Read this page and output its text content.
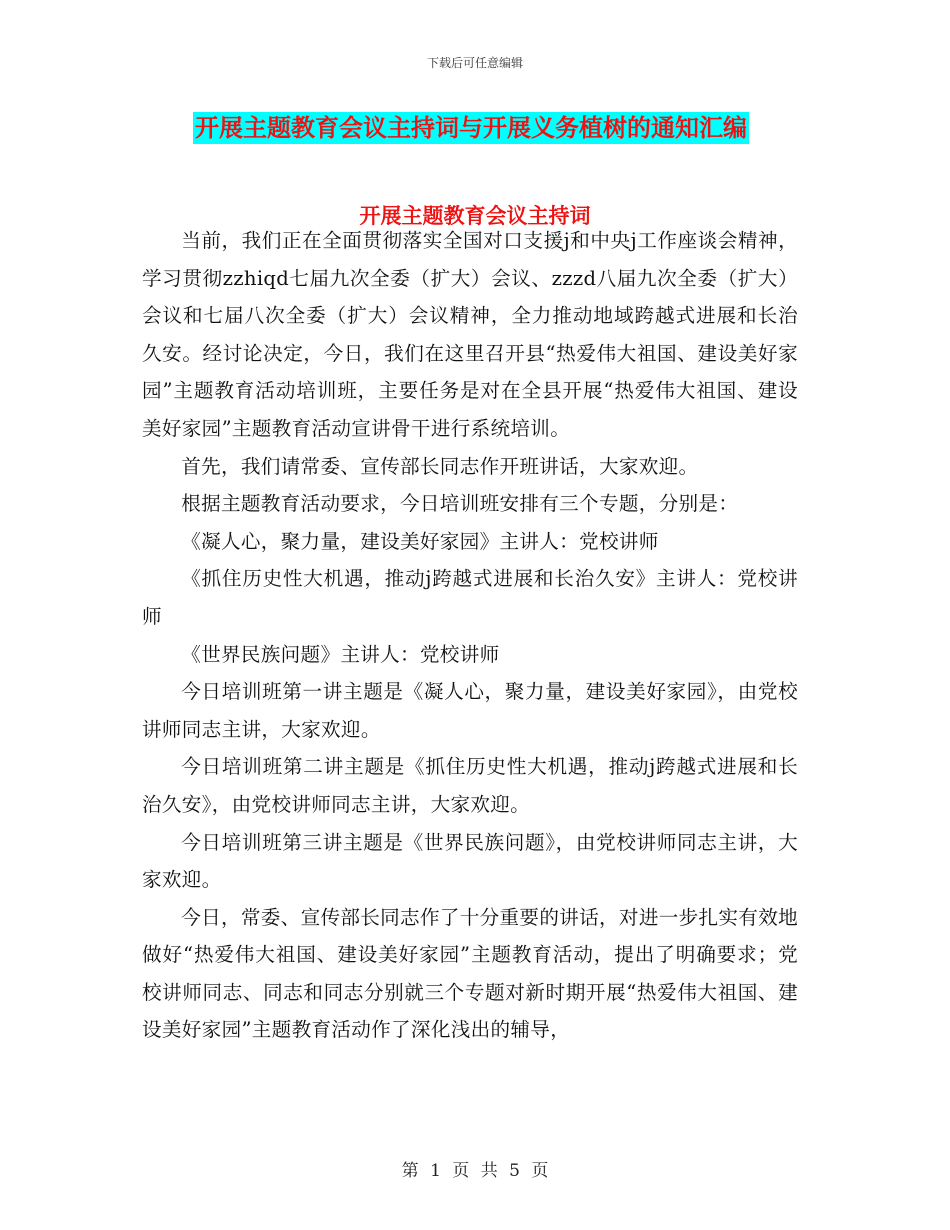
下载后可任意编辑
开展主题教育会议主持词与开展义务植树的通知汇编
开展主题教育会议主持词

当前，我们正在全面贯彻落实全国对口支援j和中央j工作座谈会精神，学习贯彻zzhiqd七届九次全委（扩大）会议、zzzd八届九次全委（扩大）会议和七届八次全委（扩大）会议精神，全力推动地域跨越式进展和长治久安。经讨论决定，今日，我们在这里召开县“热爱伟大祖国、建设美好家园”主题教育活动培训班，主要任务是对在全县开展“热爱伟大祖国、建设美好家园”主题教育活动宣讲骨干进行系统培训。

首先，我们请常委、宣传部长同志作开班讲话，大家欢迎。

根据主题教育活动要求，今日培训班安排有三个专题，分别是：

《凝人心，聚力量，建设美好家园》主讲人：党校讲师

《抓住历史性大机遇，推动j跨越式进展和长治久安》主讲人：党校讲师

《世界民族问题》主讲人：党校讲师

今日培训班第一讲主题是《凝人心，聚力量，建设美好家园》，由党校讲师同志主讲，大家欢迎。

今日培训班第二讲主题是《抓住历史性大机遇，推动j跨越式进展和长治久安》，由党校讲师同志主讲，大家欢迎。

今日培训班第三讲主题是《世界民族问题》，由党校讲师同志主讲，大家欢迎。

今日，常委、宣传部长同志作了十分重要的讲话，对进一步扎实有效地做好“热爱伟大祖国、建设美好家园”主题教育活动，提出了明确要求；党校讲师同志、同志和同志分别就三个专题对新时期开展“热爱伟大祖国、建设美好家园”主题教育活动作了深化浅出的辅导，

第 1 页 共 5 页
